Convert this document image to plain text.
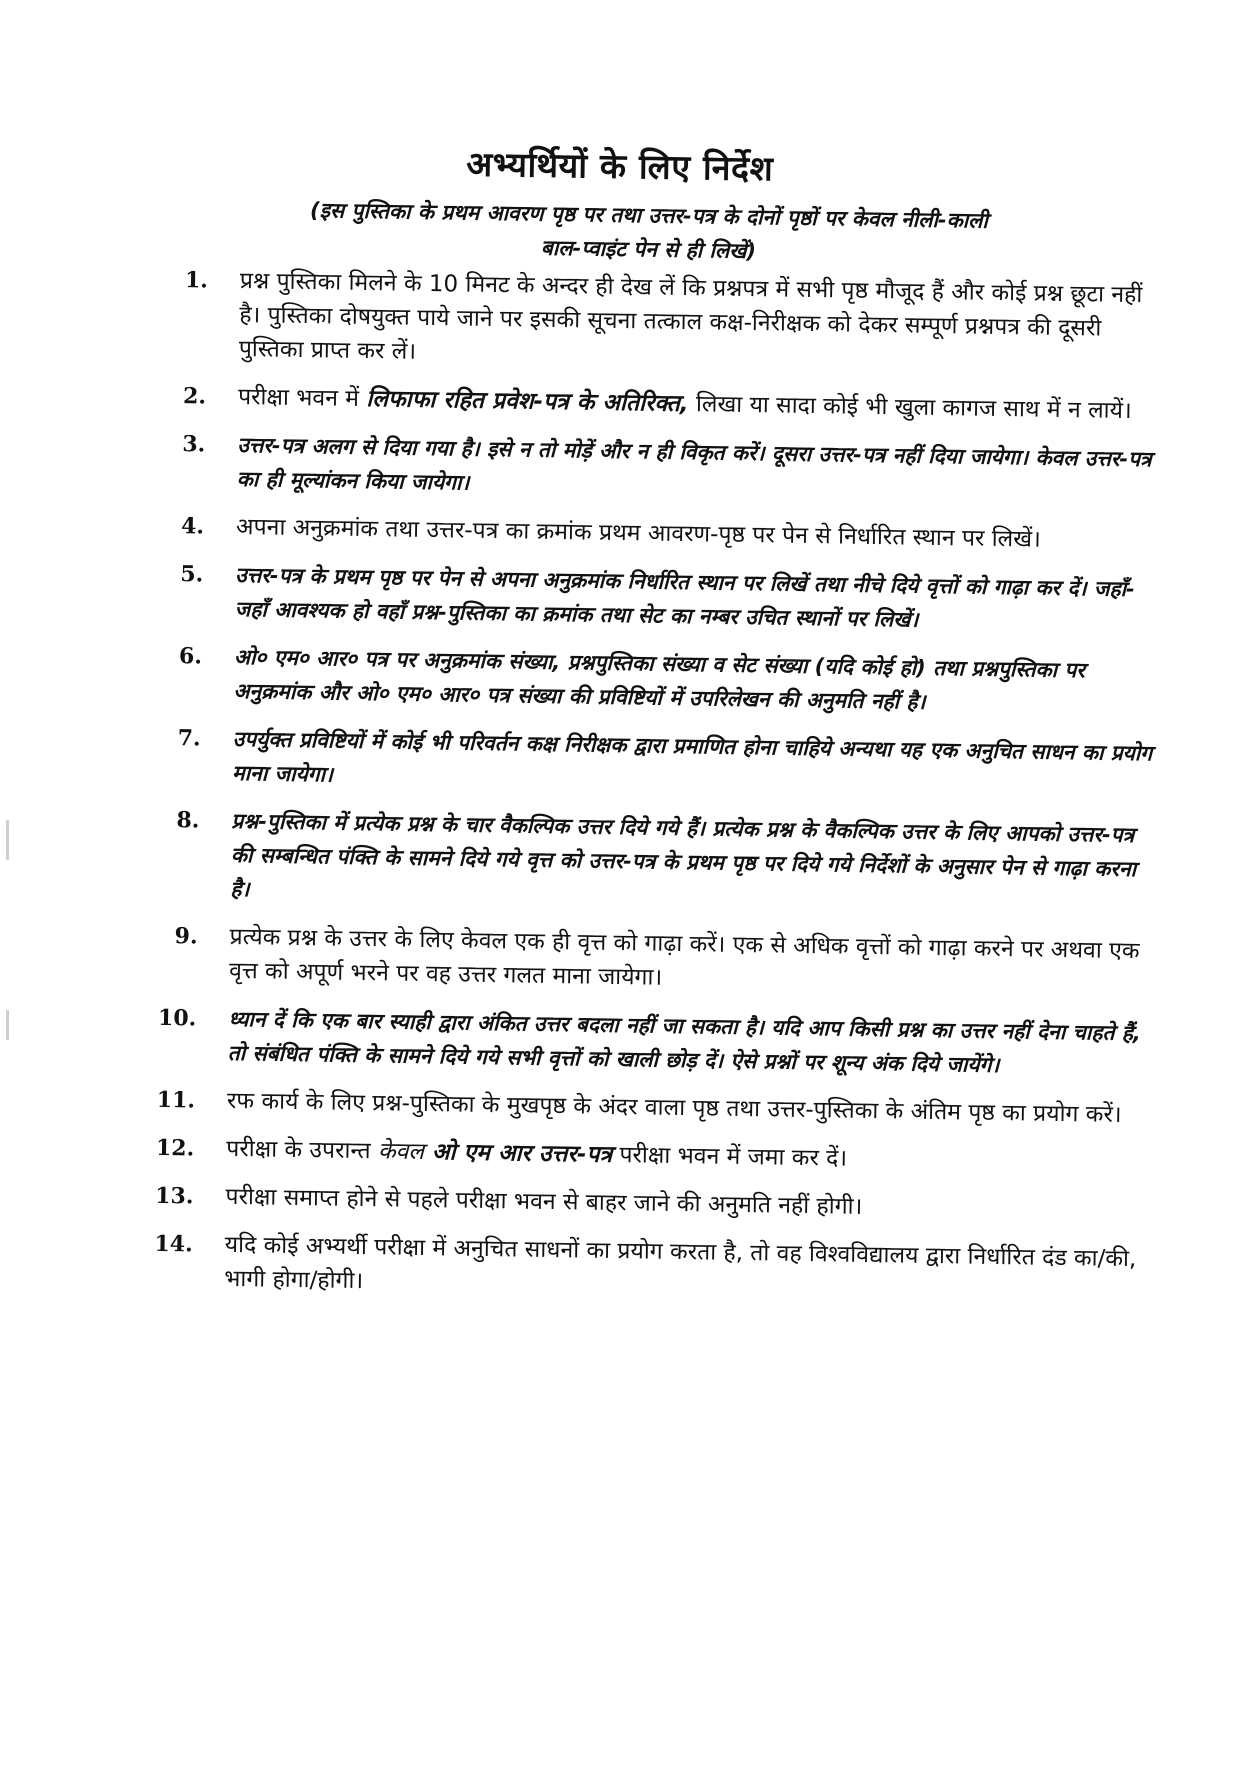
अभ्यर्थियों के लिए निर्देश
(इस पुस्तिका के प्रथम आवरण पृष्ठ पर तथा उत्तर-पत्र के दोनों पृष्ठों पर केवल नीली-काली बाल-प्वाइंट पेन से ही लिखें)
1. प्रश्न पुस्तिका मिलने के 10 मिनट के अन्दर ही देख लें कि प्रश्नपत्र में सभी पृष्ठ मौजूद हैं और कोई प्रश्न छूटा नहीं है। पुस्तिका दोषयुक्त पाये जाने पर इसकी सूचना तत्काल कक्ष-निरीक्षक को देकर सम्पूर्ण प्रश्नपत्र की दूसरी पुस्तिका प्राप्त कर लें।
2. परीक्षा भवन में लिफाफा रहित प्रवेश-पत्र के अतिरिक्त, लिखा या सादा कोई भी खुला कागज साथ में न लायें।
3. उत्तर-पत्र अलग से दिया गया है। इसे न तो मोड़ें और न ही विकृत करें। दूसरा उत्तर-पत्र नहीं दिया जायेगा। केवल उत्तर-पत्र का ही मूल्यांकन किया जायेगा।
4. अपना अनुक्रमांक तथा उत्तर-पत्र का क्रमांक प्रथम आवरण-पृष्ठ पर पेन से निर्धारित स्थान पर लिखें।
5. उत्तर-पत्र के प्रथम पृष्ठ पर पेन से अपना अनुक्रमांक निर्धारित स्थान पर लिखें तथा नीचे दिये वृत्तों को गाढ़ा कर दें। जहाँ-जहाँ आवश्यक हो वहाँ प्रश्न-पुस्तिका का क्रमांक तथा सेट का नम्बर उचित स्थानों पर लिखें।
6. ओ० एम० आर० पत्र पर अनुक्रमांक संख्या, प्रश्नपुस्तिका संख्या व सेट संख्या (यदि कोई हो) तथा प्रश्नपुस्तिका पर अनुक्रमांक और ओ० एम० आर० पत्र संख्या की प्रविष्टियों में उपरिलेखन की अनुमति नहीं है।
7. उपर्युक्त प्रविष्टियों में कोई भी परिवर्तन कक्ष निरीक्षक द्वारा प्रमाणित होना चाहिये अन्यथा यह एक अनुचित साधन का प्रयोग माना जायेगा।
8. प्रश्न-पुस्तिका में प्रत्येक प्रश्न के चार वैकल्पिक उत्तर दिये गये हैं। प्रत्येक प्रश्न के वैकल्पिक उत्तर के लिए आपको उत्तर-पत्र की सम्बन्धित पंक्ति के सामने दिये गये वृत्त को उत्तर-पत्र के प्रथम पृष्ठ पर दिये गये निर्देशों के अनुसार पेन से गाढ़ा करना है।
9. प्रत्येक प्रश्न के उत्तर के लिए केवल एक ही वृत्त को गाढ़ा करें। एक से अधिक वृत्तों को गाढ़ा करने पर अथवा एक वृत्त को अपूर्ण भरने पर वह उत्तर गलत माना जायेगा।
10. ध्यान दें कि एक बार स्याही द्वारा अंकित उत्तर बदला नहीं जा सकता है। यदि आप किसी प्रश्न का उत्तर नहीं देना चाहते हैं, तो संबंधित पंक्ति के सामने दिये गये सभी वृत्तों को खाली छोड़ दें। ऐसे प्रश्नों पर शून्य अंक दिये जायेंगे।
11. रफ कार्य के लिए प्रश्न-पुस्तिका के मुखपृष्ठ के अंदर वाला पृष्ठ तथा उत्तर-पुस्तिका के अंतिम पृष्ठ का प्रयोग करें।
12. परीक्षा के उपरान्त केवल ओ एम आर उत्तर-पत्र परीक्षा भवन में जमा कर दें।
13. परीक्षा समाप्त होने से पहले परीक्षा भवन से बाहर जाने की अनुमति नहीं होगी।
14. यदि कोई अभ्यर्थी परीक्षा में अनुचित साधनों का प्रयोग करता है, तो वह विश्वविद्यालय द्वारा निर्धारित दंड का/की, भागी होगा/होगी।
